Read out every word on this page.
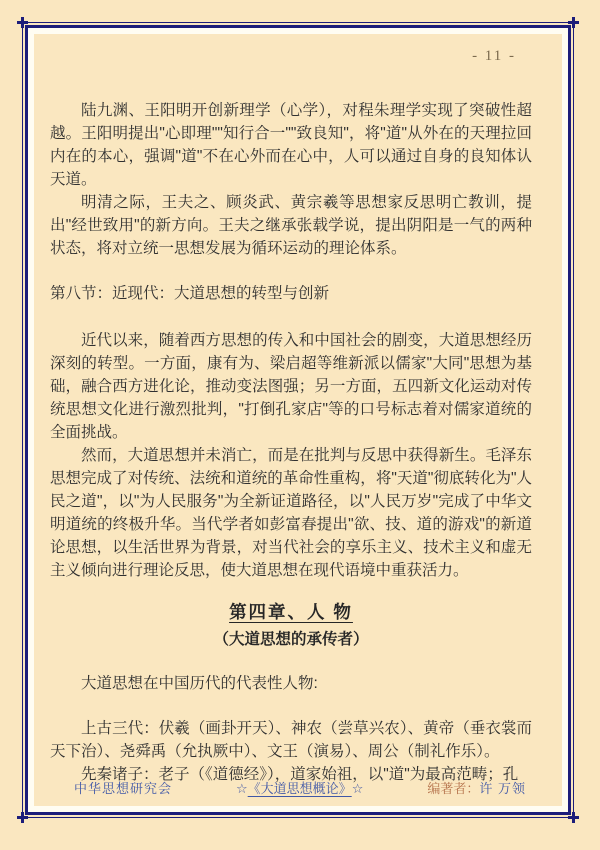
- 11 -

陆九渊、王阳明开创新理学（心学），对程朱理学实现了突破性超越。王阳明提出"心即理""知行合一""致良知"，将"道"从外在的天理拉回内在的本心，强调"道"不在心外而在心中，人可以通过自身的良知体认天道。

明清之际，王夫之、顾炎武、黄宗羲等思想家反思明亡教训，提出"经世致用"的新方向。王夫之继承张载学说，提出阴阳是一气的两种状态，将对立统一思想发展为循环运动的理论体系。

第八节：近现代：大道思想的转型与创新

近代以来，随着西方思想的传入和中国社会的剧变，大道思想经历深刻的转型。一方面，康有为、梁启超等维新派以儒家"大同"思想为基础，融合西方进化论，推动变法图强；另一方面，五四新文化运动对传统思想文化进行激烈批判，"打倒孔家店"等的口号标志着对儒家道统的全面挑战。

然而，大道思想并未消亡，而是在批判与反思中获得新生。毛泽东思想完成了对传统、法统和道统的革命性重构，将"天道"彻底转化为"人民之道"，以"为人民服务"为全新证道路径，以"人民万岁"完成了中华文明道统的终极升华。当代学者如彭富春提出"欲、技、道的游戏"的新道论思想，以生活世界为背景，对当代社会的享乐主义、技术主义和虚无主义倾向进行理论反思，使大道思想在现代语境中重获活力。

第四章、人 物
（大道思想的承传者）

大道思想在中国历代的代表性人物:

上古三代：伏羲（画卦开天）、神农（尝草兴农）、黄帝（垂衣裳而天下治）、尧舜禹（允执厥中）、文王（演易）、周公（制礼作乐）。

先秦诸子：老子（《道德经》），道家始祖，以"道"为最高范畴；孔

中华思想研究会	☆《大道思想概论》☆	编著者：许 万领
